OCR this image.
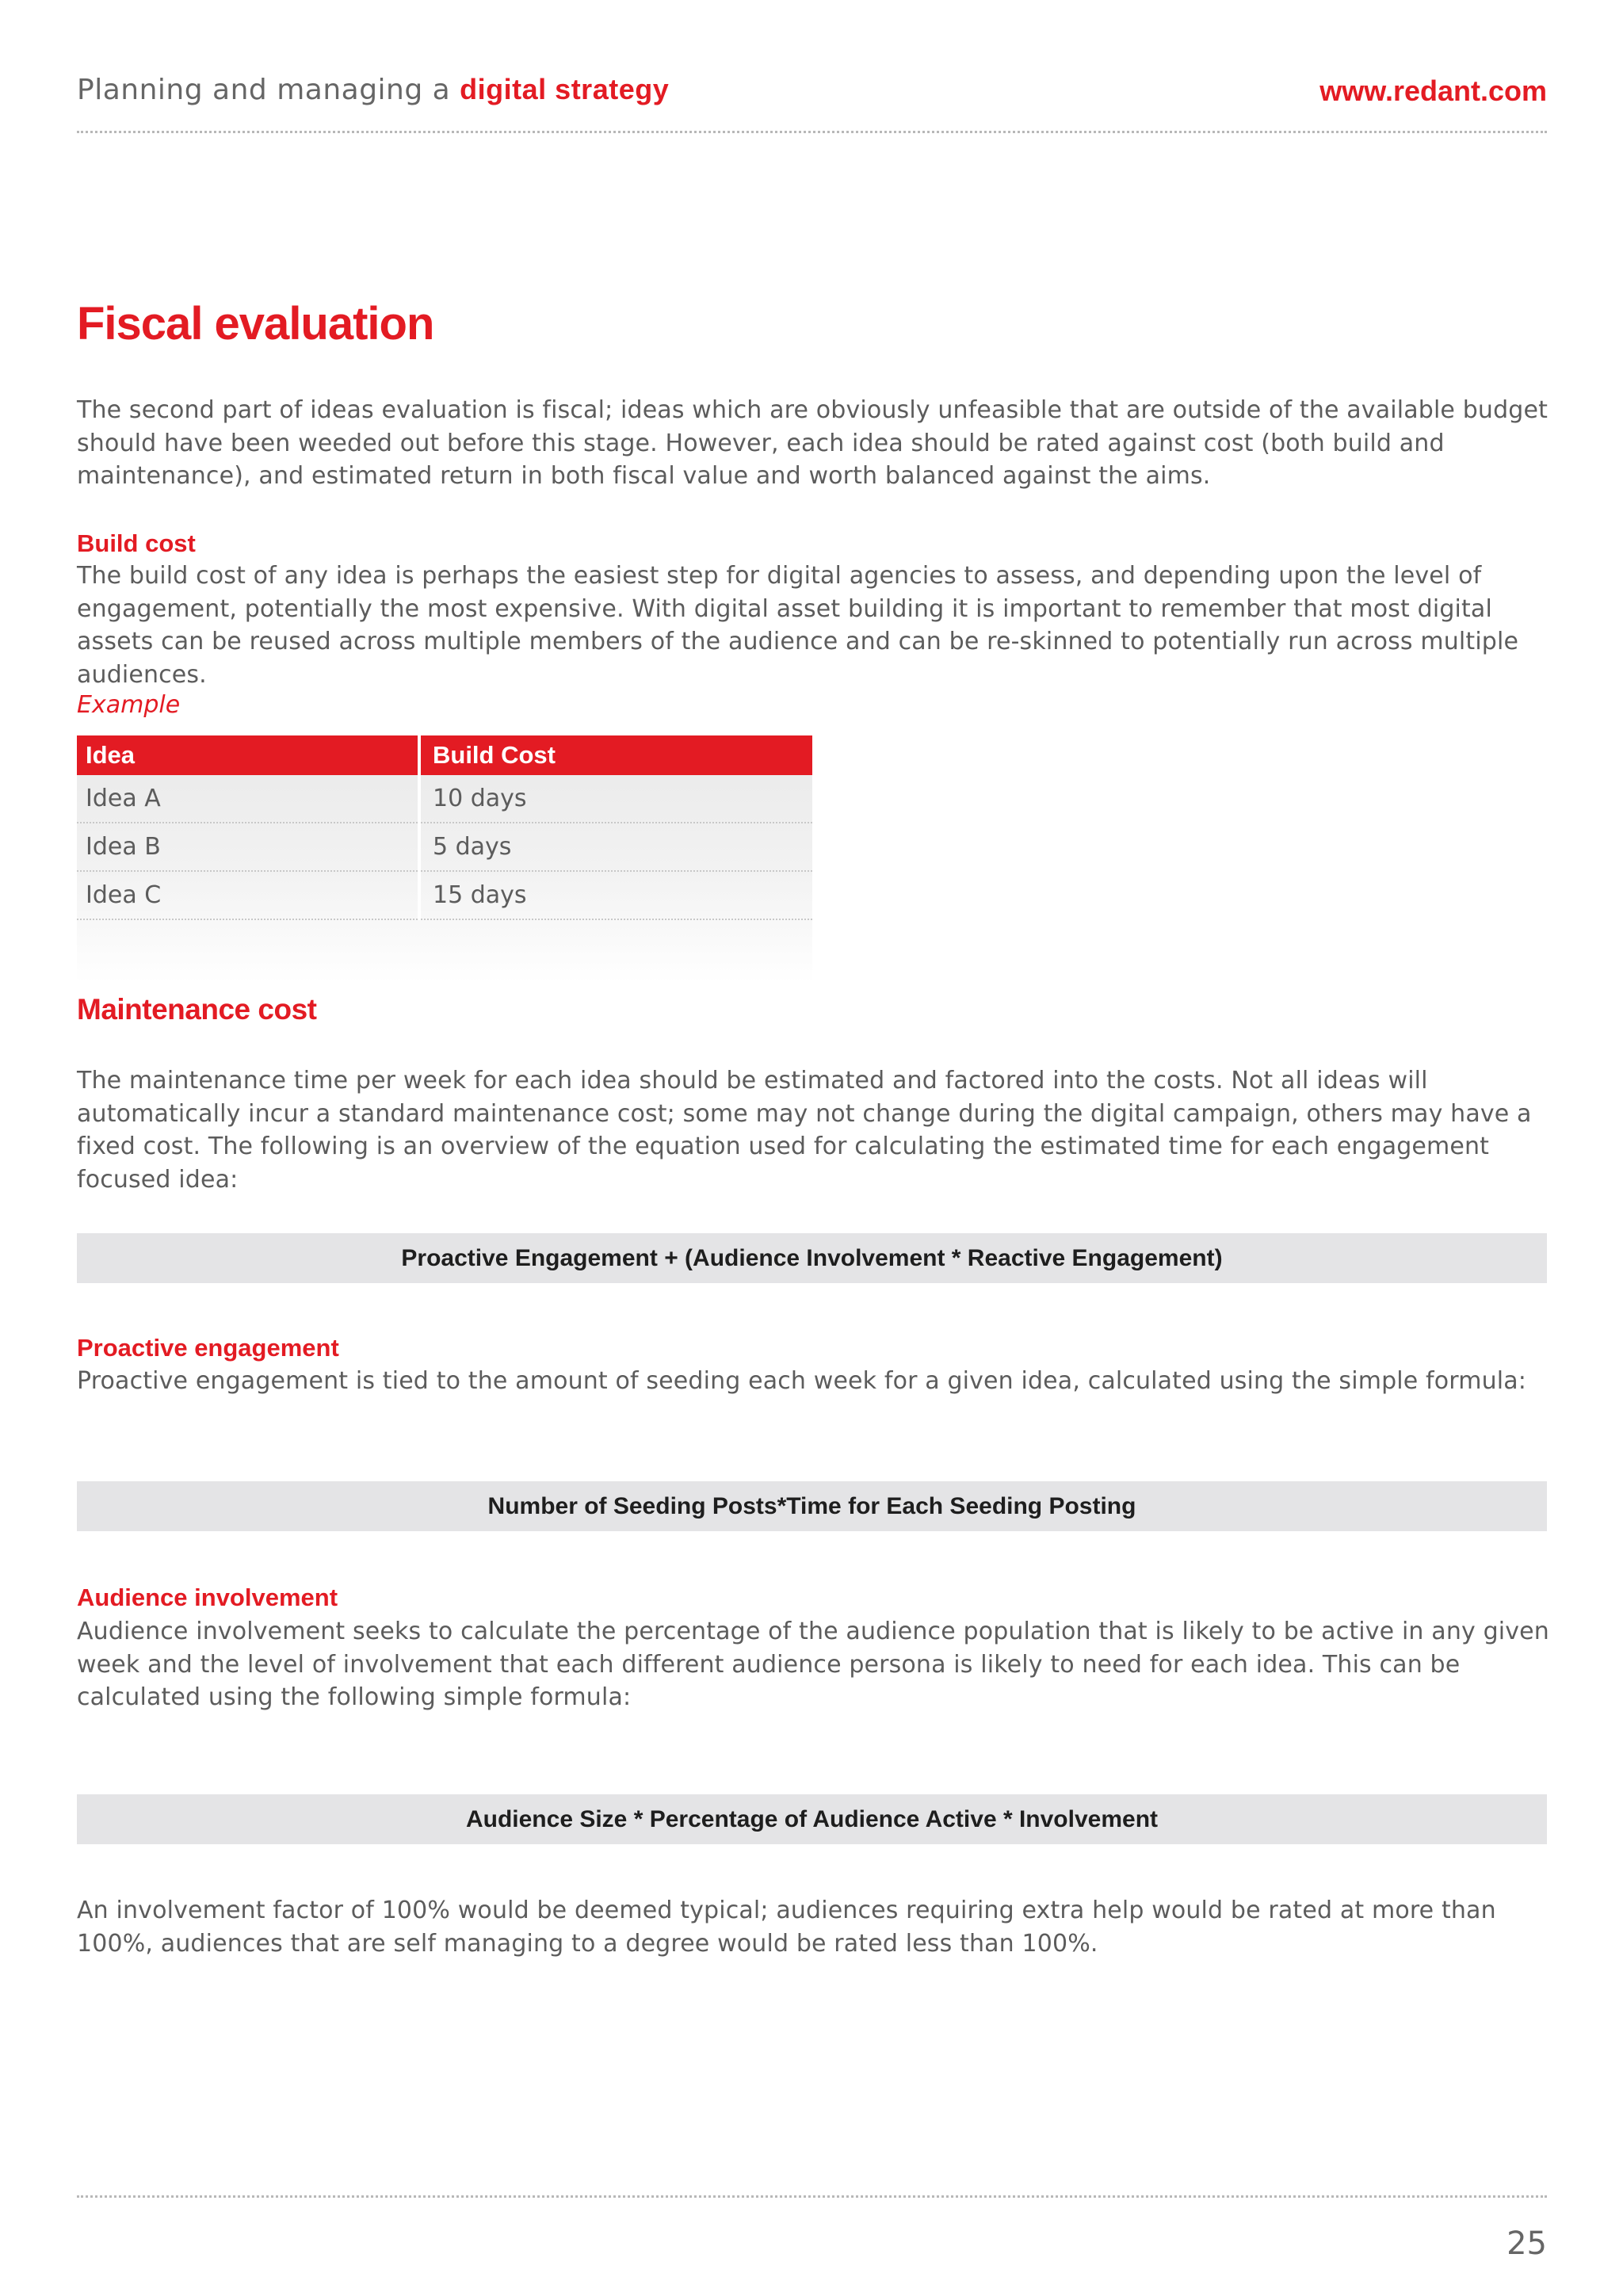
Planning and managing a digital strategy	www.redant.com
Fiscal evaluation

The second part of ideas evaluation is fiscal; ideas which are obviously unfeasible that are outside of the available budget should have been weeded out before this stage. However, each idea should be rated against cost (both build and maintenance), and estimated return in both fiscal value and worth balanced against the aims.

Build cost

The build cost of any idea is perhaps the easiest step for digital agencies to assess, and depending upon the level of engagement, potentially the most expensive. With digital asset building it is important to remember that most digital assets can be reused across multiple members of the audience and can be re-skinned to potentially run across multiple audiences.

Example

Idea	Build Cost
Idea A	10 days
Idea B	5 days
Idea C	15 days
Maintenance cost

The maintenance time per week for each idea should be estimated and factored into the costs. Not all ideas will automatically incur a standard maintenance cost; some may not change during the digital campaign, others may have a fixed cost. The following is an overview of the equation used for calculating the estimated time for each engagement focused idea:

Proactive Engagement + (Audience Involvement * Reactive Engagement)
Proactive engagement

Proactive engagement is tied to the amount of seeding each week for a given idea, calculated using the simple formula:

Number of Seeding Posts*Time for Each Seeding Posting
Audience involvement

Audience involvement seeks to calculate the percentage of the audience population that is likely to be active in any given week and the level of involvement that each different audience persona is likely to need for each idea. This can be calculated using the following simple formula:

Audience Size * Percentage of Audience Active * Involvement

An involvement factor of 100% would be deemed typical; audiences requiring extra help would be rated at more than 100%, audiences that are self managing to a degree would be rated less than 100%.

25
